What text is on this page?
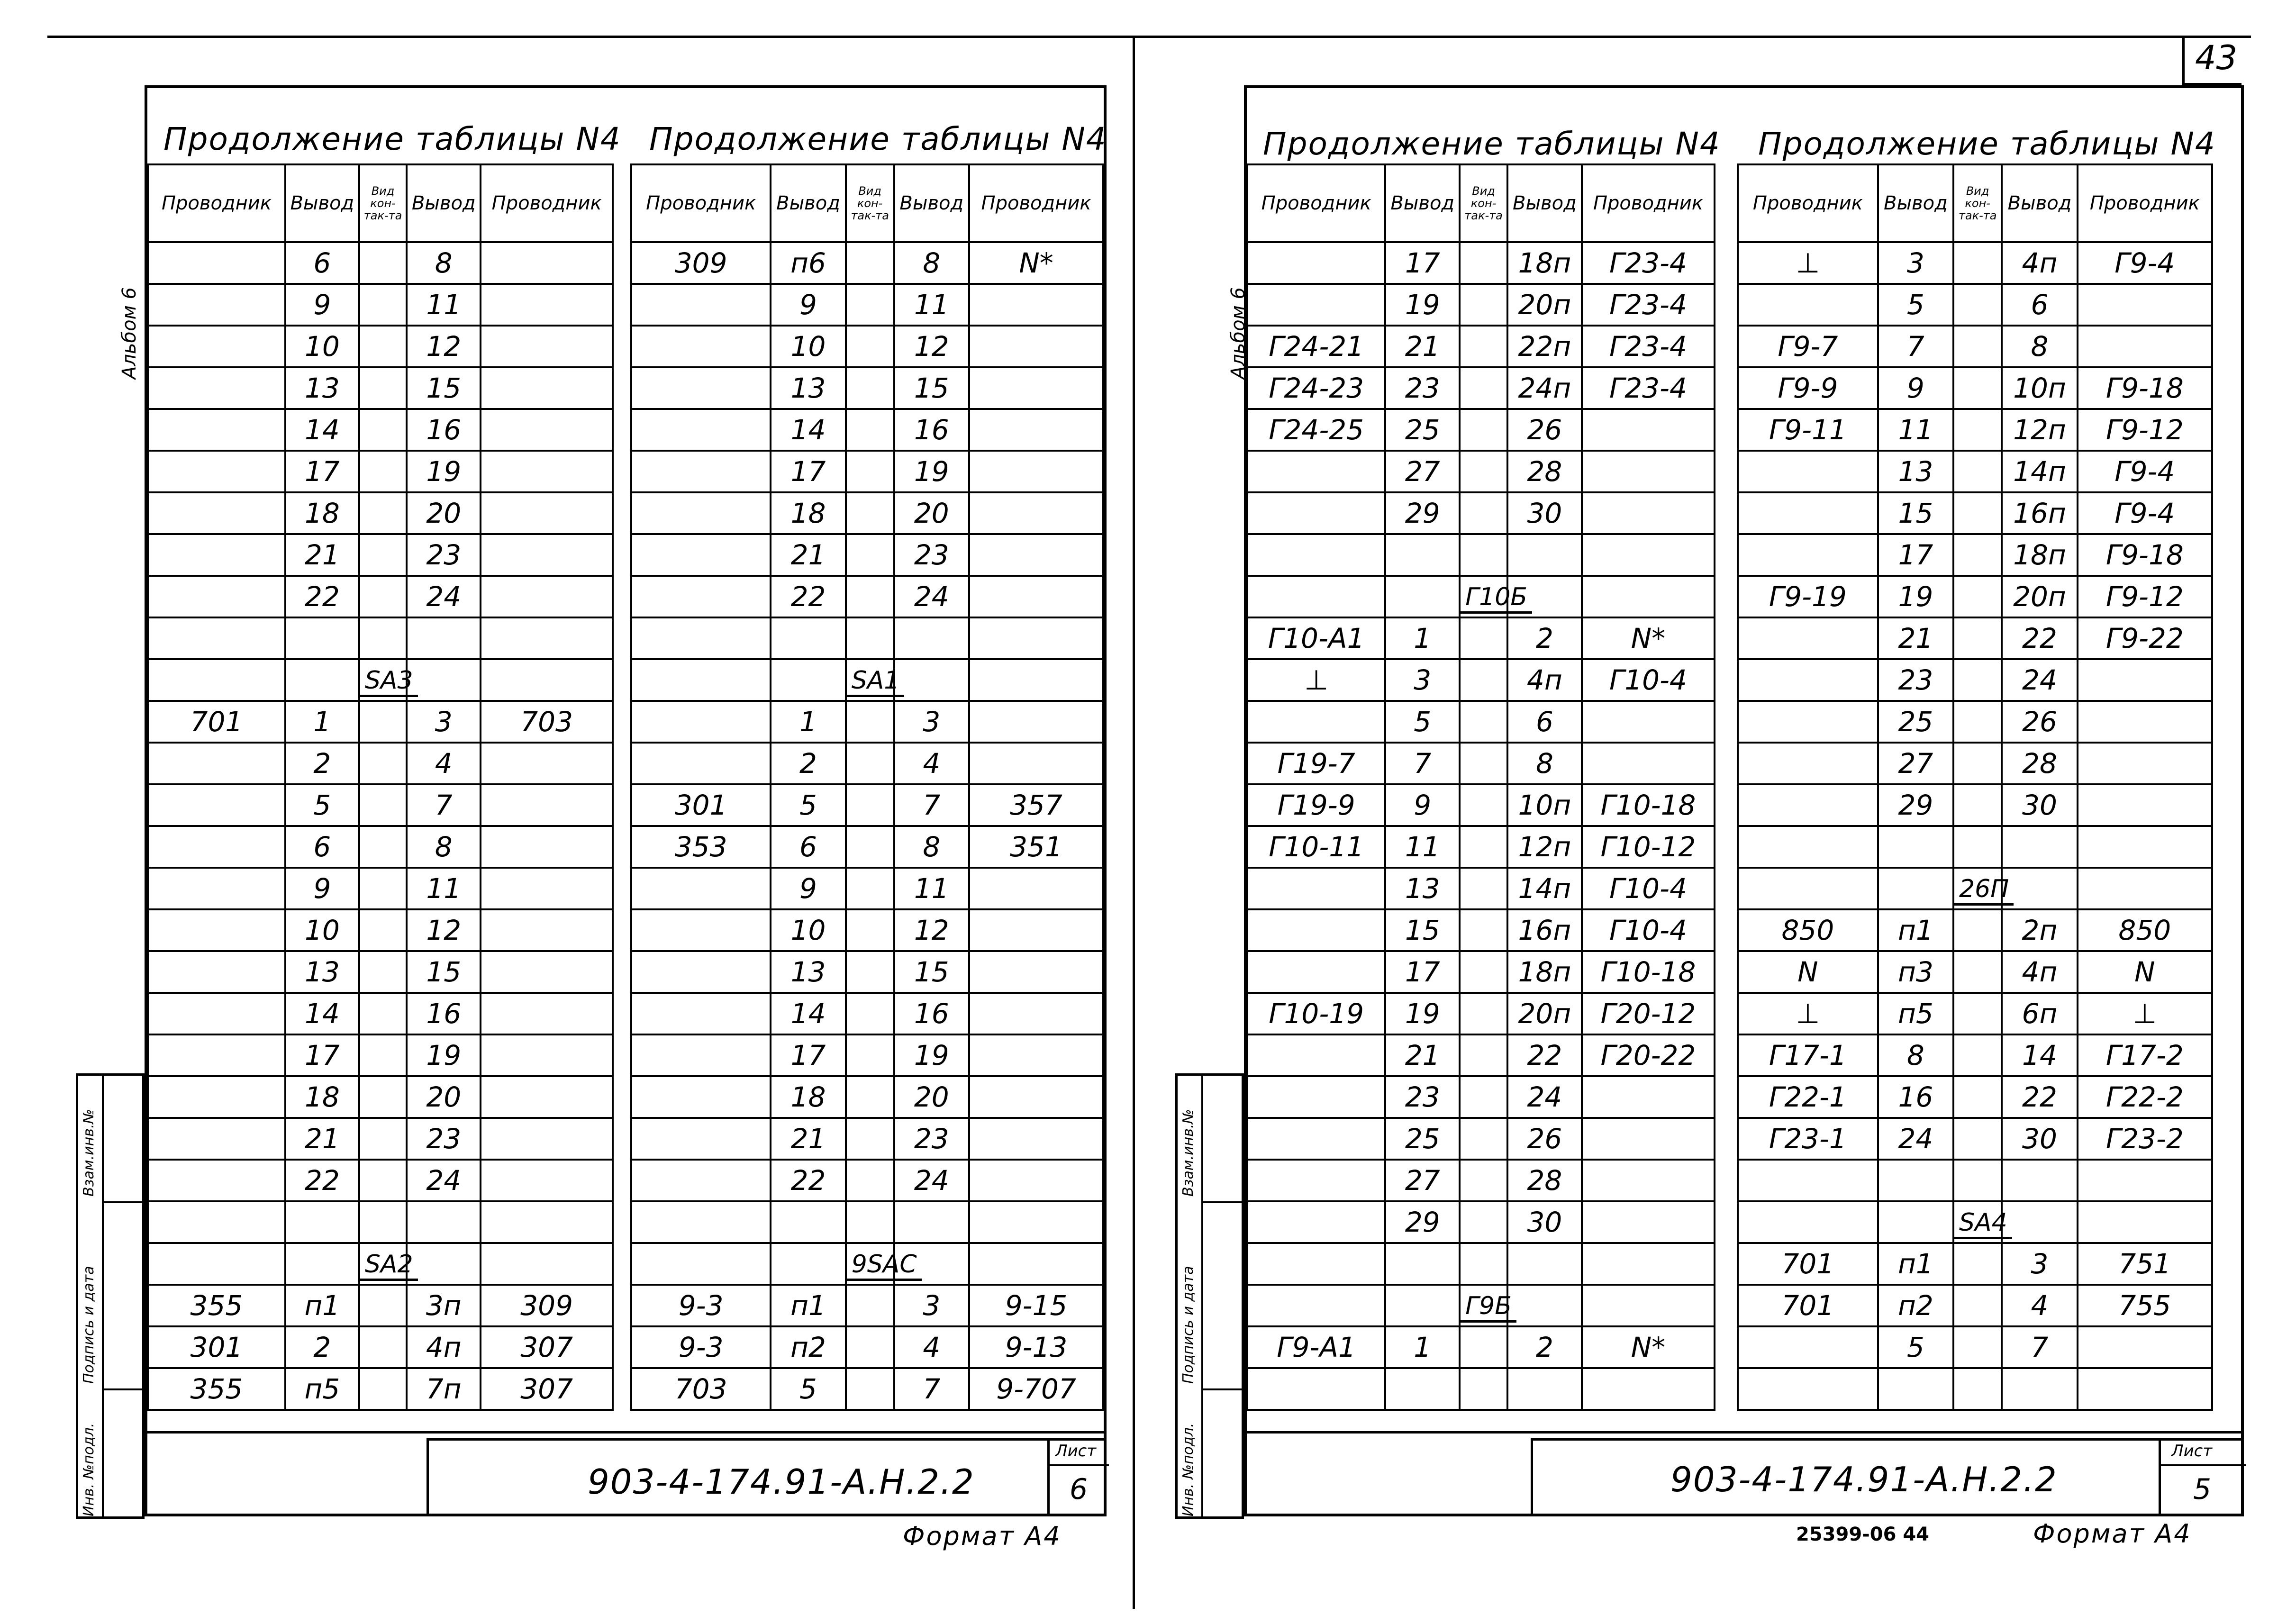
43
Альбом 6
Продолжение таблицы N4 Продолжение таблицы N4
Проводник	Вывод	Вид кон-так-та	Вывод	Проводник
	6		8	
	9		11	
	10		12	
	13		15	
	14		16	
	17		19	
	18		20	
	21		23	
	22		24	

		SA3		
701	1		3	703
	2		4	
	5		7	
	6		8	
	9		11	
	10		12	
	13		15	
	14		16	
	17		19	
	18		20	
	21		23	
	22		24	

		SA2		
355	п1		3п	309
301	2		4п	307
355	п5		7п	307
Проводник	Вывод	Вид кон-так-та	Вывод	Проводник
309	п6		8	N*
	9		11	
	10		12	
	13		15	
	14		16	
	17		19	
	18		20	
	21		23	
	22		24	

		SA1		
	1		3	
	2		4	
301	5		7	357
353	6		8	351
	9		11	
	10		12	
	13		15	
	14		16	
	17		19	
	18		20	
	21		23	
	22		24	

		9SAC		
9-3	п1		3	9-15
9-3	п2		4	9-13
703	5		7	9-707
Инв. №подл.
Подпись и дата
Взам.инв.№
903-4-174.91-А.Н.2.2
Лист
6
Формат А4
Альбом 6
Продолжение таблицы N4 Продолжение таблицы N4
Проводник	Вывод	Вид кон-так-та	Вывод	Проводник
	17		18п	Г23-4
	19		20п	Г23-4
Г24-21	21		22п	Г23-4
Г24-23	23		24п	Г23-4
Г24-25	25		26	
	27		28	
	29		30	

		Г10Б		
Г10-А1	1		2	N*
⊥	3		4п	Г10-4
	5		6	
Г19-7	7		8	
Г19-9	9		10п	Г10-18
Г10-11	11		12п	Г10-12
	13		14п	Г10-4
	15		16п	Г10-4
	17		18п	Г10-18
Г10-19	19		20п	Г20-12
	21		22	Г20-22
	23		24	
	25		26	
	27		28	
	29		30	

		Г9Б		
Г9-А1	1		2	N*

Проводник	Вывод	Вид кон-так-та	Вывод	Проводник
⊥	3		4п	Г9-4
	5		6	
Г9-7	7		8	
Г9-9	9		10п	Г9-18
Г9-11	11		12п	Г9-12
	13		14п	Г9-4
	15		16п	Г9-4
	17		18п	Г9-18
Г9-19	19		20п	Г9-12
	21		22	Г9-22
	23		24	
	25		26	
	27		28	
	29		30	

		26П		
850	п1		2п	850
N	п3		4п	N
⊥	п5		6п	⊥
Г17-1	8		14	Г17-2
Г22-1	16		22	Г22-2
Г23-1	24		30	Г23-2

		SА4		
701	п1		3	751
701	п2		4	755
	5		7	

Инв. №подл.
Подпись и дата
Взам.инв.№
903-4-174.91-А.Н.2.2
Лист
5
25399-06 44	Формат А4
